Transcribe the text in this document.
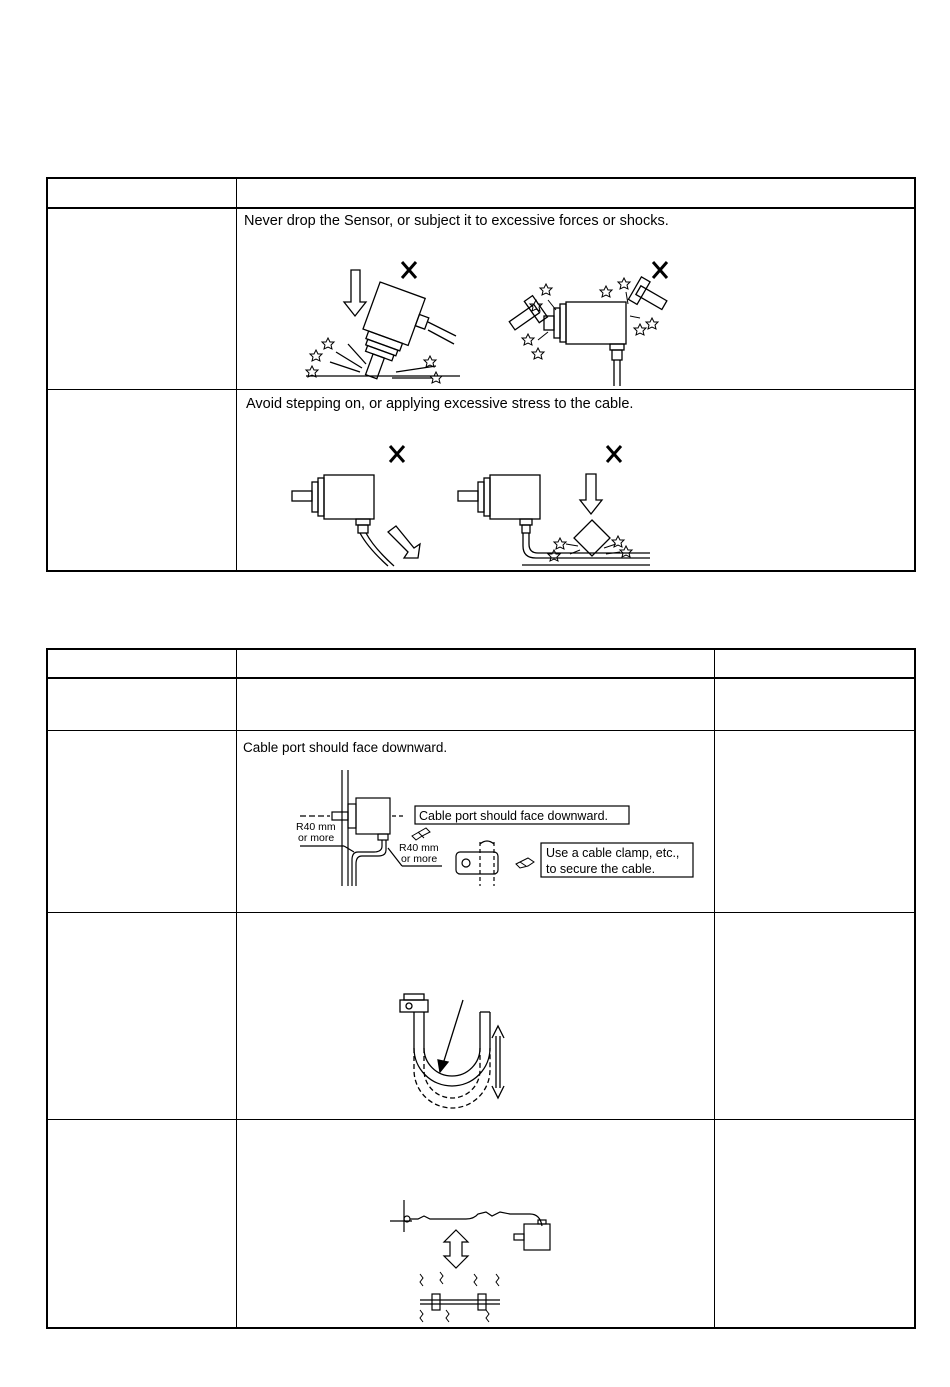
Never drop the Sensor, or subject it to excessive forces or shocks.
Avoid stepping on, or applying excessive stress to the cable.
Cable port should face downward.
Cable port should face downward.
Use a cable clamp, etc.,
to secure the cable.
R40 mm
or more
R40 mm
or more
